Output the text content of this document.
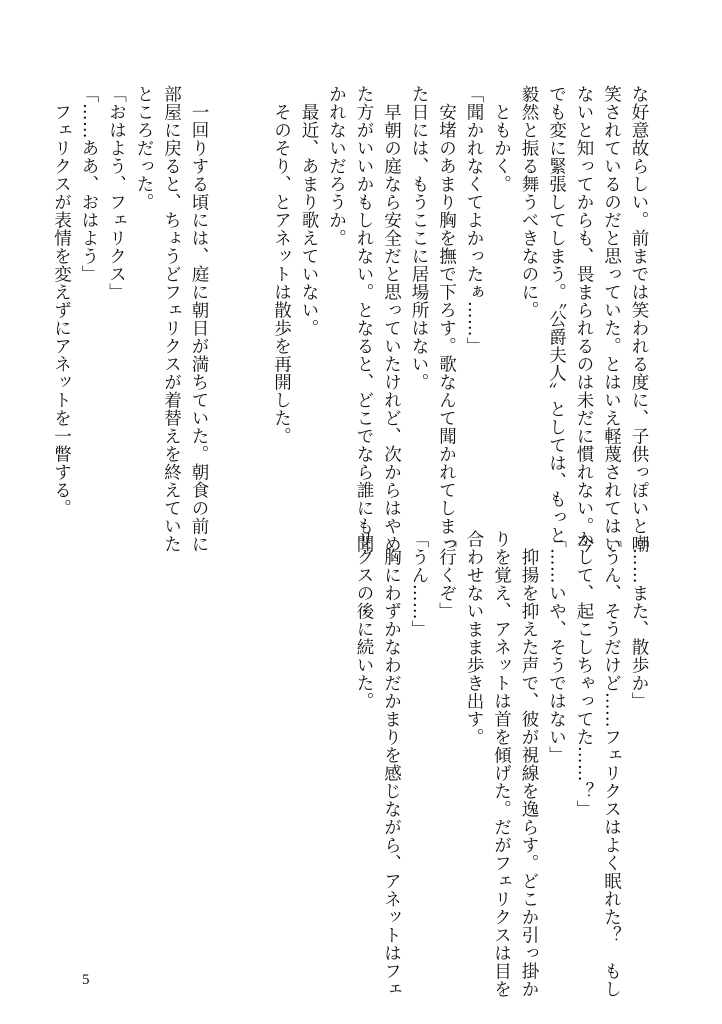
な好意故らしい。前までは笑われる度に、子供っぽいと嘲
笑されているのだと思っていた。とはいえ軽蔑されてはい
ないと知ってからも、畏まられるのは未だに慣れない。今
でも変に緊張してしまう。〝公爵夫人〟としては、もっと
毅然と振る舞うべきなのに。
　ともかく。
「聞かれなくてよかったぁ……」
　安堵のあまり胸を撫で下ろす。歌なんて聞かれてしまっ
た日には、もうここに居場所はない。
　早朝の庭なら安全だと思っていたけれど、次からはやめ
た方がいいかもしれない。となると、どこでなら誰にも聞
かれないだろうか。
　最近、あまり歌えていない。
　そのそり、とアネットは散歩を再開した。
　一回りする頃には、庭に朝日が満ちていた。朝食の前に
部屋に戻ると、ちょうどフェリクスが着替えを終えていた
ところだった。
「おはよう、フェリクス」
「……ああ、おはよう」
　フェリクスが表情を変えずにアネットを一瞥する。
「……また、散歩か」
「うん、そうだけど……フェリクスはよく眠れた？　もし
かして、起こしちゃってた……？」
「……いや、そうではない」
　抑揚を抑えた声で、彼が視線を逸らす。どこか引っ掛か
りを覚え、アネットは首を傾げた。だがフェリクスは目を
合わせないまま歩き出す。
「行くぞ」
「うん……」
　胸にわずかなわだかまりを感じながら、アネットはフェ
リクスの後に続いた。
5
